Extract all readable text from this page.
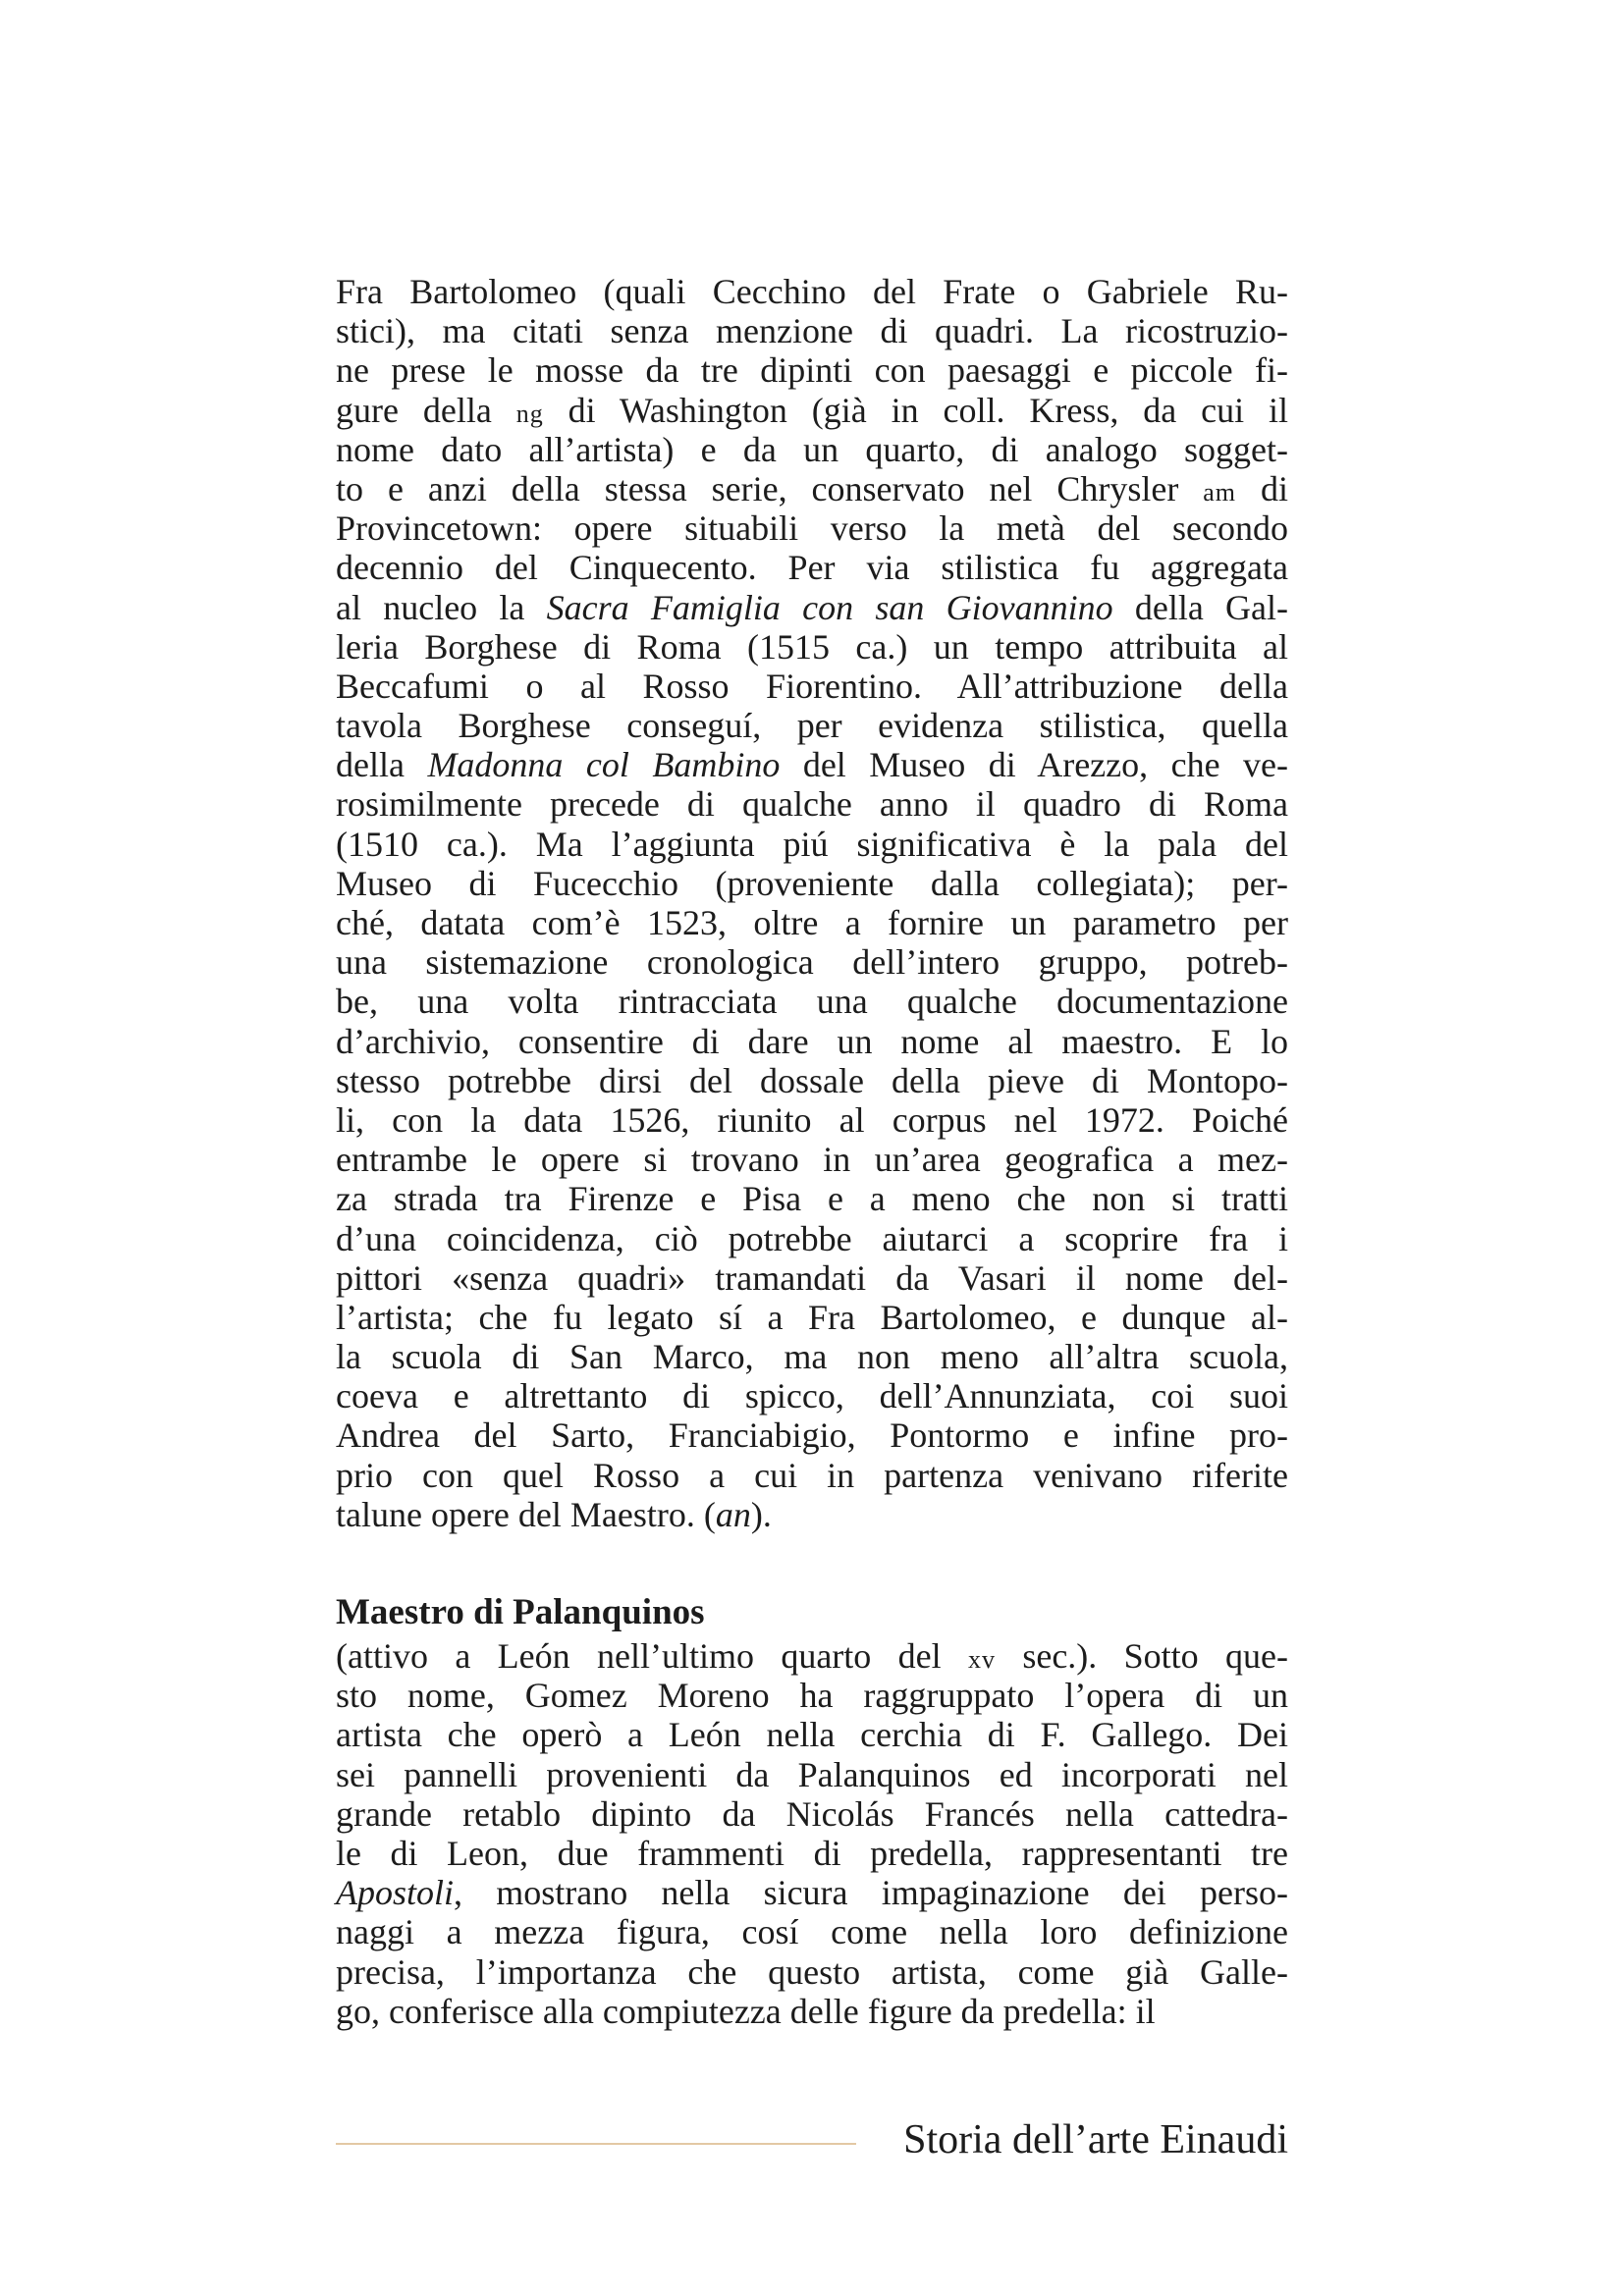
Fra Bartolomeo (quali Cecchino del Frate o Gabriele Ru-
stici), ma citati senza menzione di quadri. La ricostruzio-
ne prese le mosse da tre dipinti con paesaggi e piccole fi-
gure della ng di Washington (già in coll. Kress, da cui il
nome dato all’artista) e da un quarto, di analogo sogget-
to e anzi della stessa serie, conservato nel Chrysler am di
Provincetown: opere situabili verso la metà del secondo
decennio del Cinquecento. Per via stilistica fu aggregata
al nucleo la Sacra Famiglia con san Giovannino della Gal-
leria Borghese di Roma (1515 ca.) un tempo attribuita al
Beccafumi o al Rosso Fiorentino. All’attribuzione della
tavola Borghese conseguí, per evidenza stilistica, quella
della Madonna col Bambino del Museo di Arezzo, che ve-
rosimilmente precede di qualche anno il quadro di Roma
(1510 ca.). Ma l’aggiunta piú significativa è la pala del
Museo di Fucecchio (proveniente dalla collegiata); per-
ché, datata com’è 1523, oltre a fornire un parametro per
una sistemazione cronologica dell’intero gruppo, potreb-
be, una volta rintracciata una qualche documentazione
d’archivio, consentire di dare un nome al maestro. E lo
stesso potrebbe dirsi del dossale della pieve di Montopo-
li, con la data 1526, riunito al corpus nel 1972. Poiché
entrambe le opere si trovano in un’area geografica a mez-
za strada tra Firenze e Pisa e a meno che non si tratti
d’una coincidenza, ciò potrebbe aiutarci a scoprire fra i
pittori «senza quadri» tramandati da Vasari il nome del-
l’artista; che fu legato sí a Fra Bartolomeo, e dunque al-
la scuola di San Marco, ma non meno all’altra scuola,
coeva e altrettanto di spicco, dell’Annunziata, coi suoi
Andrea del Sarto, Franciabigio, Pontormo e infine pro-
prio con quel Rosso a cui in partenza venivano riferite
talune opere del Maestro. (an).
Maestro di Palanquinos
(attivo a León nell’ultimo quarto del xv sec.). Sotto que-
sto nome, Gomez Moreno ha raggruppato l’opera di un
artista che operò a León nella cerchia di F. Gallego. Dei
sei pannelli provenienti da Palanquinos ed incorporati nel
grande retablo dipinto da Nicolás Francés nella cattedra-
le di Leon, due frammenti di predella, rappresentanti tre
Apostoli, mostrano nella sicura impaginazione dei perso-
naggi a mezza figura, cosí come nella loro definizione
precisa, l’importanza che questo artista, come già Galle-
go, conferisce alla compiutezza delle figure da predella: il
Storia dell’arte Einaudi
